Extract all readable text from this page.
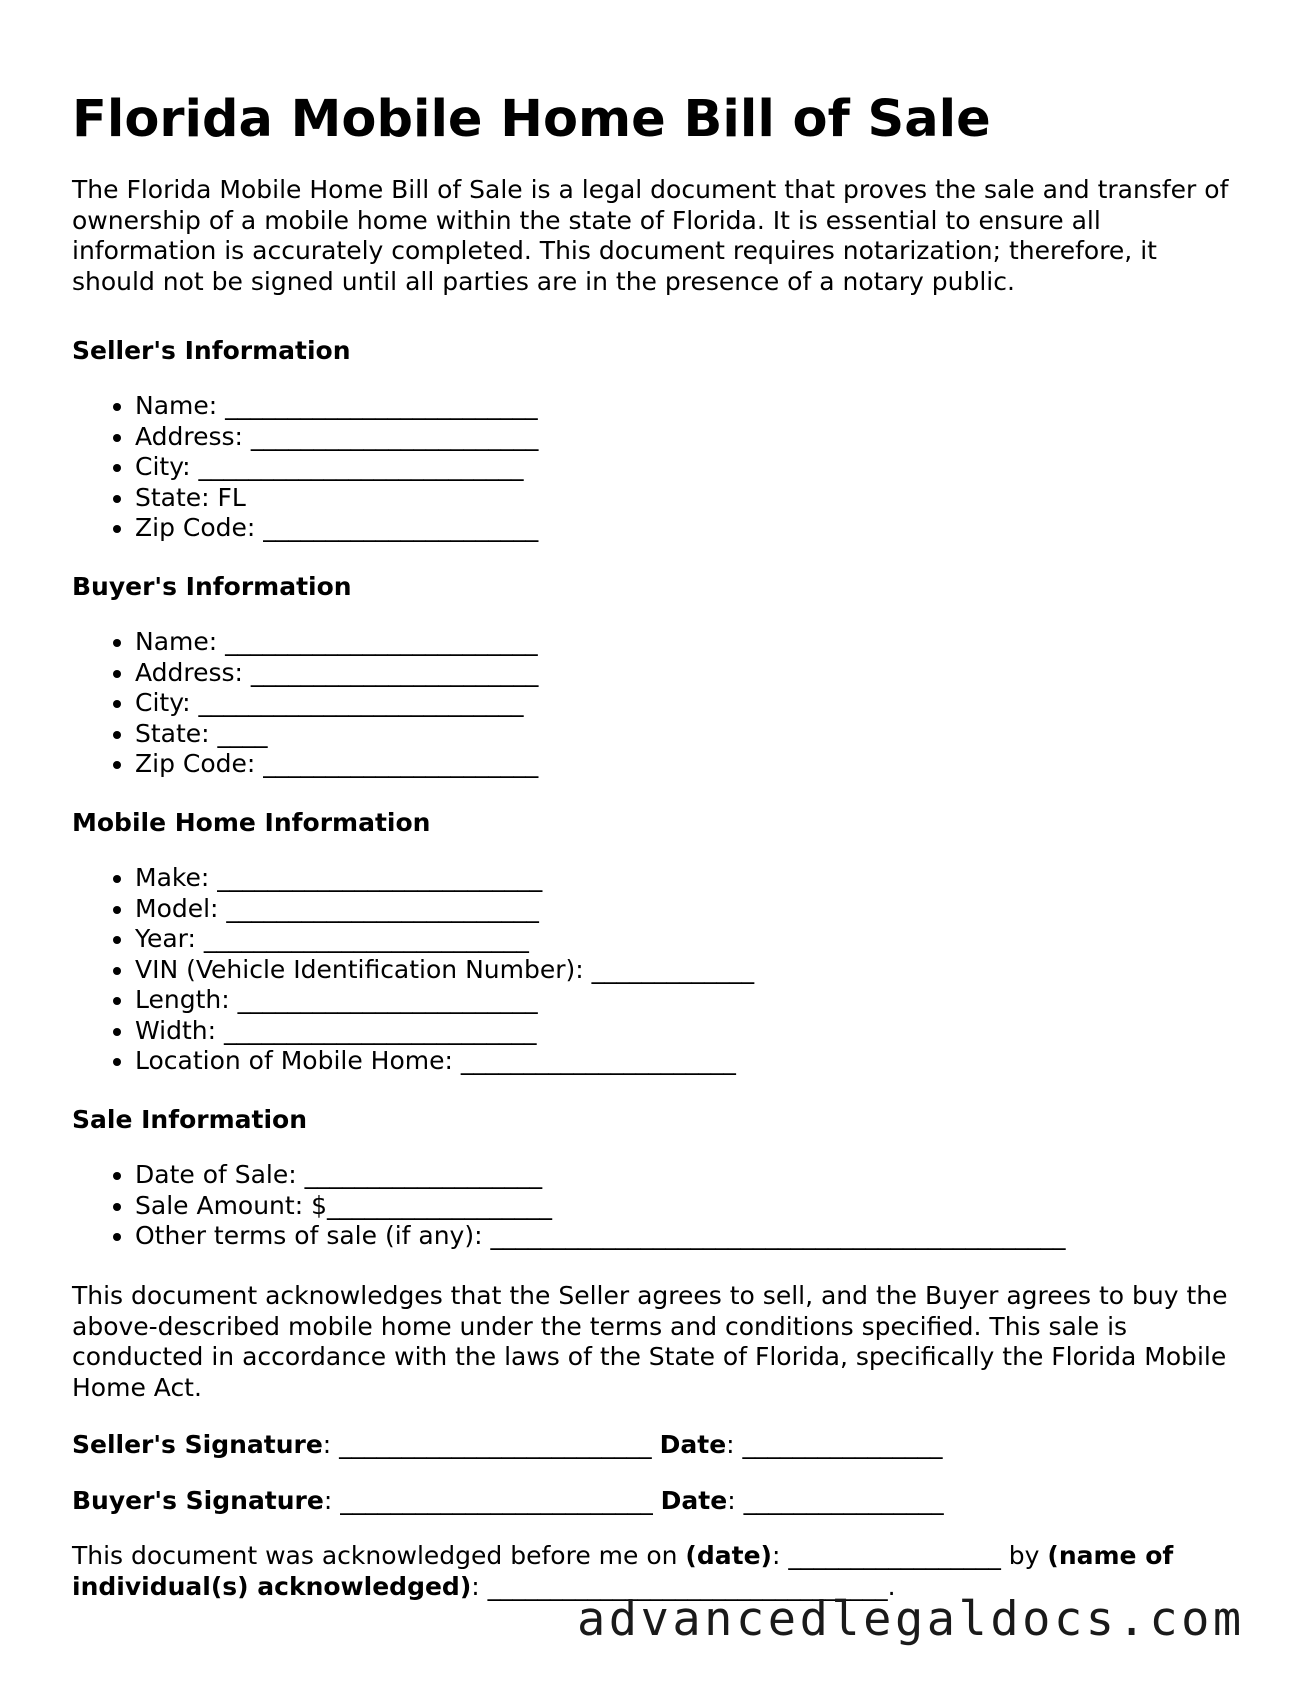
Florida Mobile Home Bill of Sale

The Florida Mobile Home Bill of Sale is a legal document that proves the sale and transfer of ownership of a mobile home within the state of Florida. It is essential to ensure all information is accurately completed. This document requires notarization; therefore, it should not be signed until all parties are in the presence of a notary public.

Seller's Information

• Name: _________________________
• Address: _______________________
• City: __________________________
• State: FL
• Zip Code: ______________________

Buyer's Information

• Name: _________________________
• Address: _______________________
• City: __________________________
• State: ____
• Zip Code: ______________________

Mobile Home Information

• Make: __________________________
• Model: _________________________
• Year: __________________________
• VIN (Vehicle Identification Number): _____________
• Length: ________________________
• Width: _________________________
• Location of Mobile Home: ______________________

Sale Information

• Date of Sale: ___________________
• Sale Amount: $__________________
• Other terms of sale (if any): ______________________________________________

This document acknowledges that the Seller agrees to sell, and the Buyer agrees to buy the above-described mobile home under the terms and conditions specified. This sale is conducted in accordance with the laws of the State of Florida, specifically the Florida Mobile Home Act.

Seller's Signature: _________________________ Date: ________________

Buyer's Signature: _________________________ Date: ________________

This document was acknowledged before me on (date): _________________ by (name of individual(s) acknowledged): ________________________________.

advancedlegaldocs.com
